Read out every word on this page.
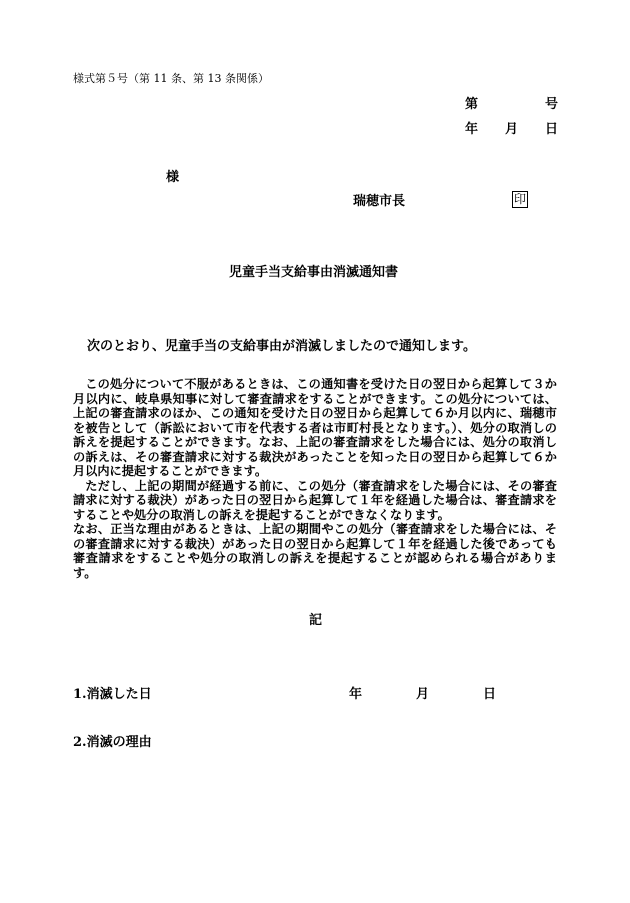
様式第５号（第 11 条、第 13 条関係）
第	号
年 月 日
様
瑞穂市長	印
児童手当支給事由消滅通知書
次のとおり、児童手当の支給事由が消滅しましたので通知します。

この処分について不服があるときは、この通知書を受けた日の翌日から起算して３か月以内に、岐阜県知事に対して審査請求をすることができます。この処分については、上記の審査請求のほか、この通知を受けた日の翌日から起算して６か月以内に、瑞穂市を被告として（訴訟において市を代表する者は市町村長となります。）、処分の取消しの訴えを提起することができます。なお、上記の審査請求をした場合には、処分の取消しの訴えは、その審査請求に対する裁決があったことを知った日の翌日から起算して６か月以内に提起することができます。

ただし、上記の期間が経過する前に、この処分（審査請求をした場合には、その審査請求に対する裁決）があった日の翌日から起算して１年を経過した場合は、審査請求をすることや処分の取消しの訴えを提起することができなくなります。

なお、正当な理由があるときは、上記の期間やこの処分（審査請求をした場合には、その審査請求に対する裁決）があった日の翌日から起算して１年を経過した後であっても審査請求をすることや処分の取消しの訴えを提起することが認められる場合があります。

記
1.消滅した日	年	月	日
2.消滅の理由
